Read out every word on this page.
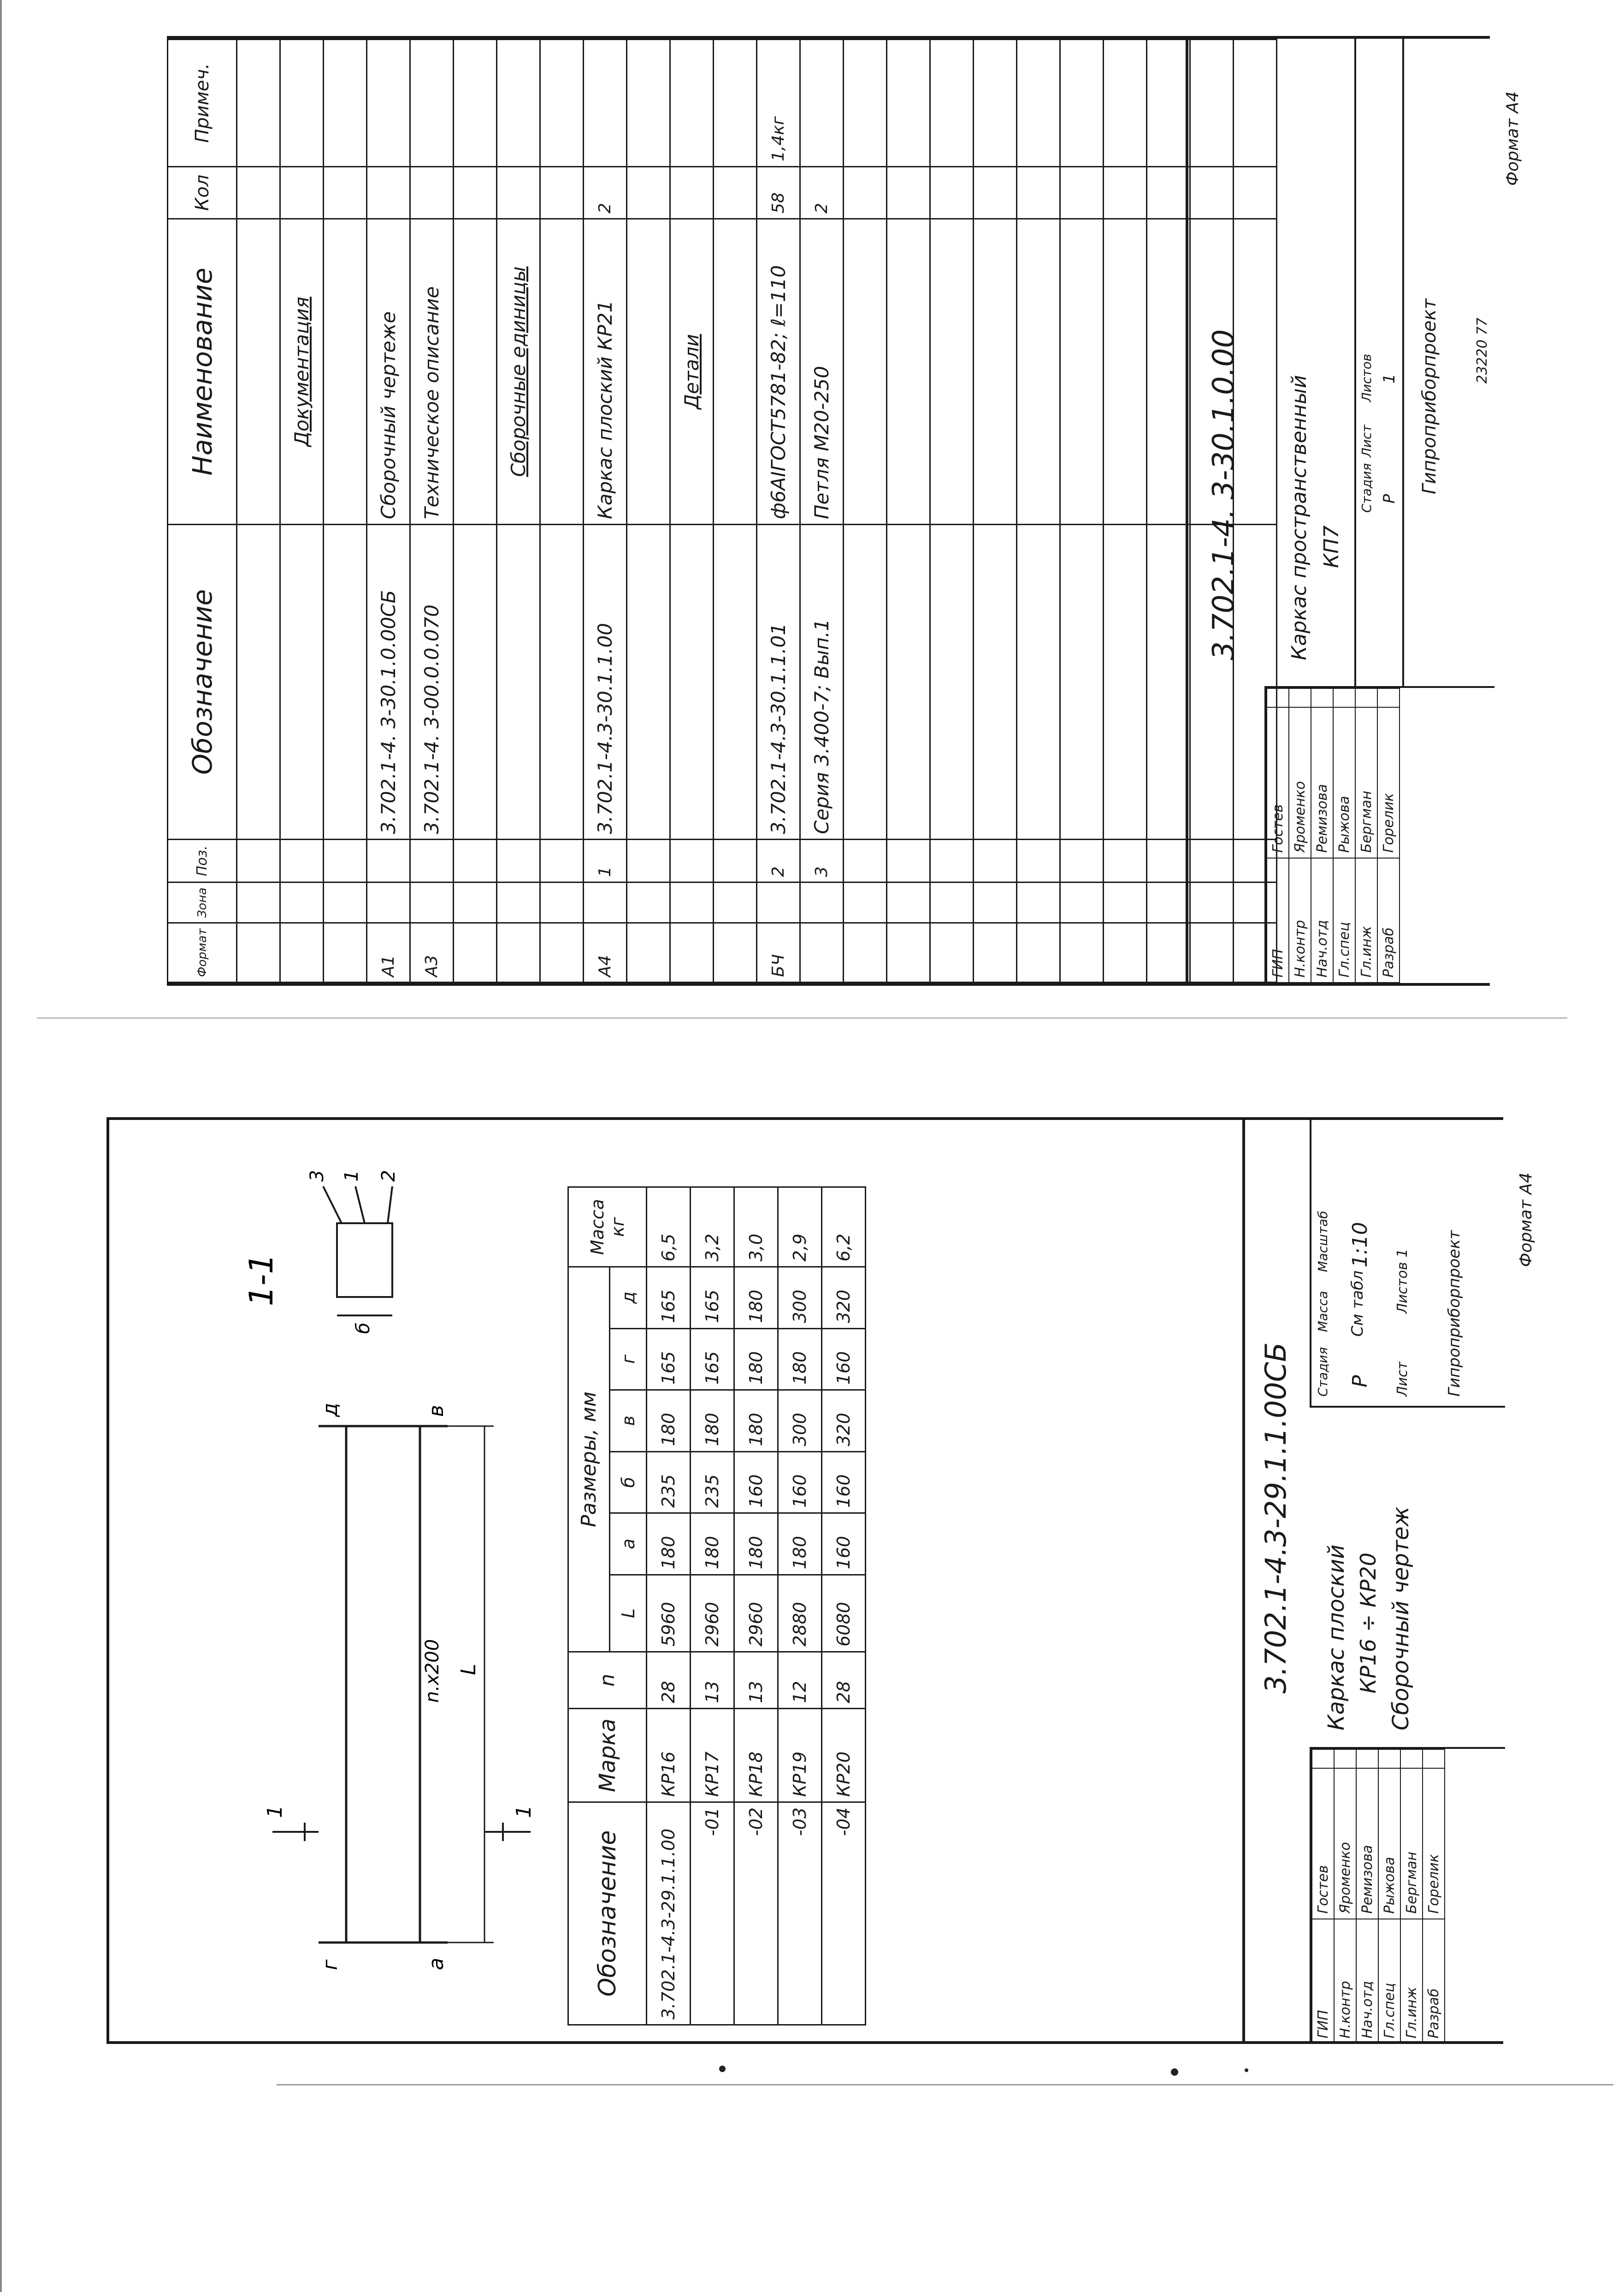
Формат	Зона	Поз.	Обозначение	Наименование	Кол	Примеч.

				Документация		

А1			3.702.1-4. 3-30.1.0.00СБ	Сборочный чертеже		
А3			3.702.1-4. 3-00.0.0.070	Техническое описание		

				Сборочные единицы		

А4		1	3.702.1-4.3-30.1.1.00	Каркас плоский КР21	2	

				Детали		

БЧ		2	3.702.1-4.3-30.1.1.01	ф6АIГОСТ5781-82; ℓ=110	58	1,4кг
		3	Серия 3.400-7; Вып.1	Петля М20-250	2	

3.702.1-4. 3-30.1.0.00 Каркас пространственный КП7
ГИП	Гостев	
Н.контр	Яроменко	
Нач.отд	Ремизова	
Гл.спец	Рыжова	
Гл.инж	Бергман	
Разраб	Горелик	
Стадия
Лист
Листов
Р
1 Гипроприборпроект 23220 77
Формат А4
г	а
n.x200 L
д	в
1	1
1-1
3 1 2
б
Обозначение	Марка	n	Размеры, мм						Масса кг

			L	а	б	в	г	д	
3.702.1-4.3-29.1.1.00	КР16	28	5960	180	235	180	165	165	6,5
-01	КР17	13	2960	180	235	180	165	165	3,2
-02	КР18	13	2960	180	160	180	180	180	3,0
-03	КР19	12	2880	180	160	300	180	300	2,9
-04	КР20	28	6080	160	160	320	160	320	6,2
3.702.1-4.3-29.1.1.00СБ
ГИП	Гостев	
Н.контр	Яроменко	
Нач.отд	Ремизова	
Гл.спец	Рыжова	
Гл.инж	Бергман	
Разраб	Горелик	
Каркас плоский КР16 ÷ КР20 Сборочный чертеж
Стадия
Масса
Масштаб
Р
См табл
1:10
Лист
Листов 1 Гипроприборпроект
Формат А4
